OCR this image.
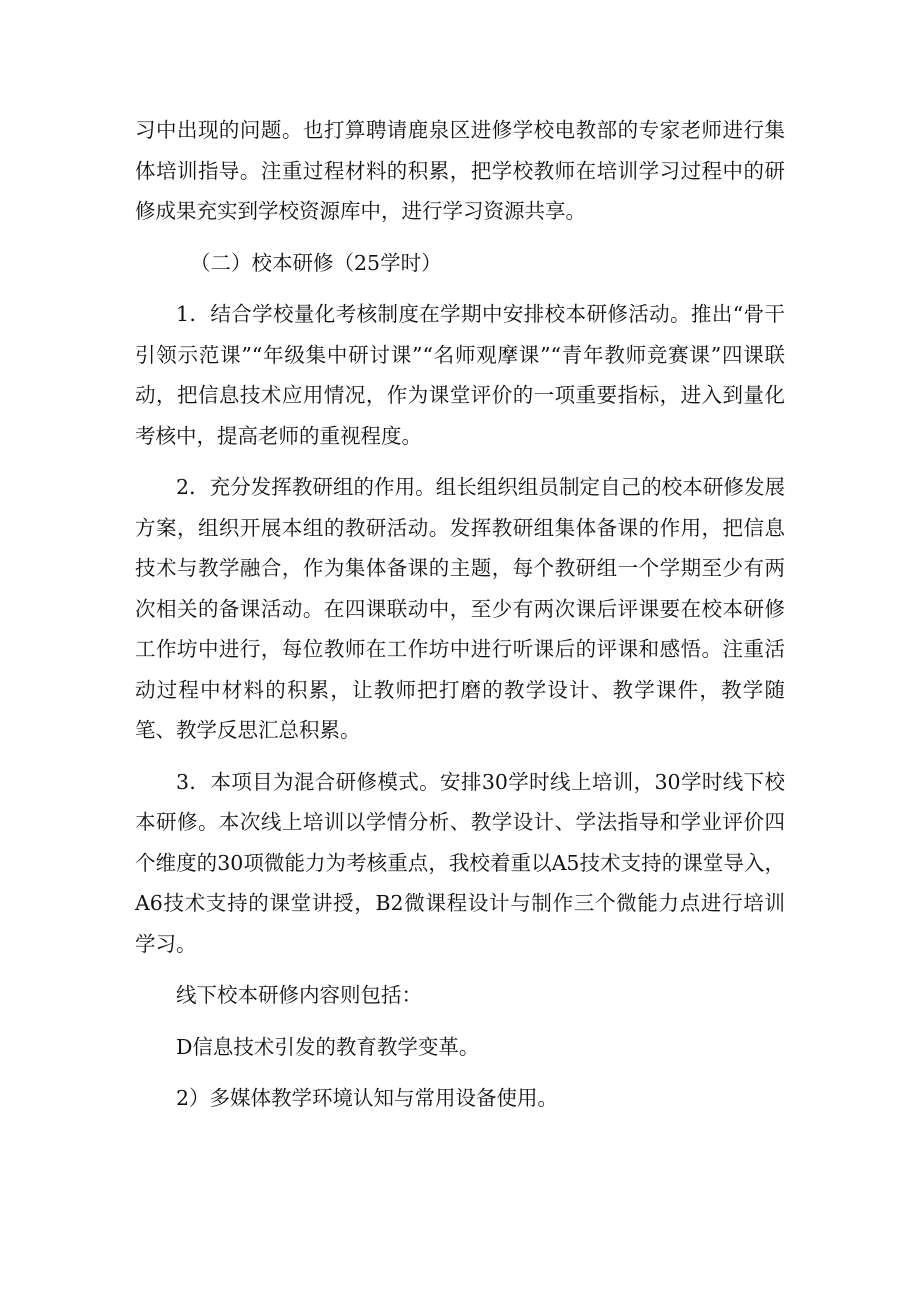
习中出现的问题。也打算聘请鹿泉区进修学校电教部的专家老师进行集体培训指导。注重过程材料的积累，把学校教师在培训学习过程中的研修成果充实到学校资源库中，进行学习资源共享。

（二）校本研修（25学时）

1．结合学校量化考核制度在学期中安排校本研修活动。推出“骨干引领示范课”“年级集中研讨课”“名师观摩课”“青年教师竞赛课”四课联动，把信息技术应用情况，作为课堂评价的一项重要指标，进入到量化考核中，提高老师的重视程度。

2．充分发挥教研组的作用。组长组织组员制定自己的校本研修发展方案，组织开展本组的教研活动。发挥教研组集体备课的作用，把信息技术与教学融合，作为集体备课的主题，每个教研组一个学期至少有两次相关的备课活动。在四课联动中，至少有两次课后评课要在校本研修工作坊中进行，每位教师在工作坊中进行听课后的评课和感悟。注重活动过程中材料的积累，让教师把打磨的教学设计、教学课件，教学随笔、教学反思汇总积累。

3．本项目为混合研修模式。安排30学时线上培训，30学时线下校本研修。本次线上培训以学情分析、教学设计、学法指导和学业评价四个维度的30项微能力为考核重点，我校着重以A5技术支持的课堂导入，A6技术支持的课堂讲授，B2微课程设计与制作三个微能力点进行培训学习。

线下校本研修内容则包括：

D信息技术引发的教育教学变革。

2）多媒体教学环境认知与常用设备使用。
